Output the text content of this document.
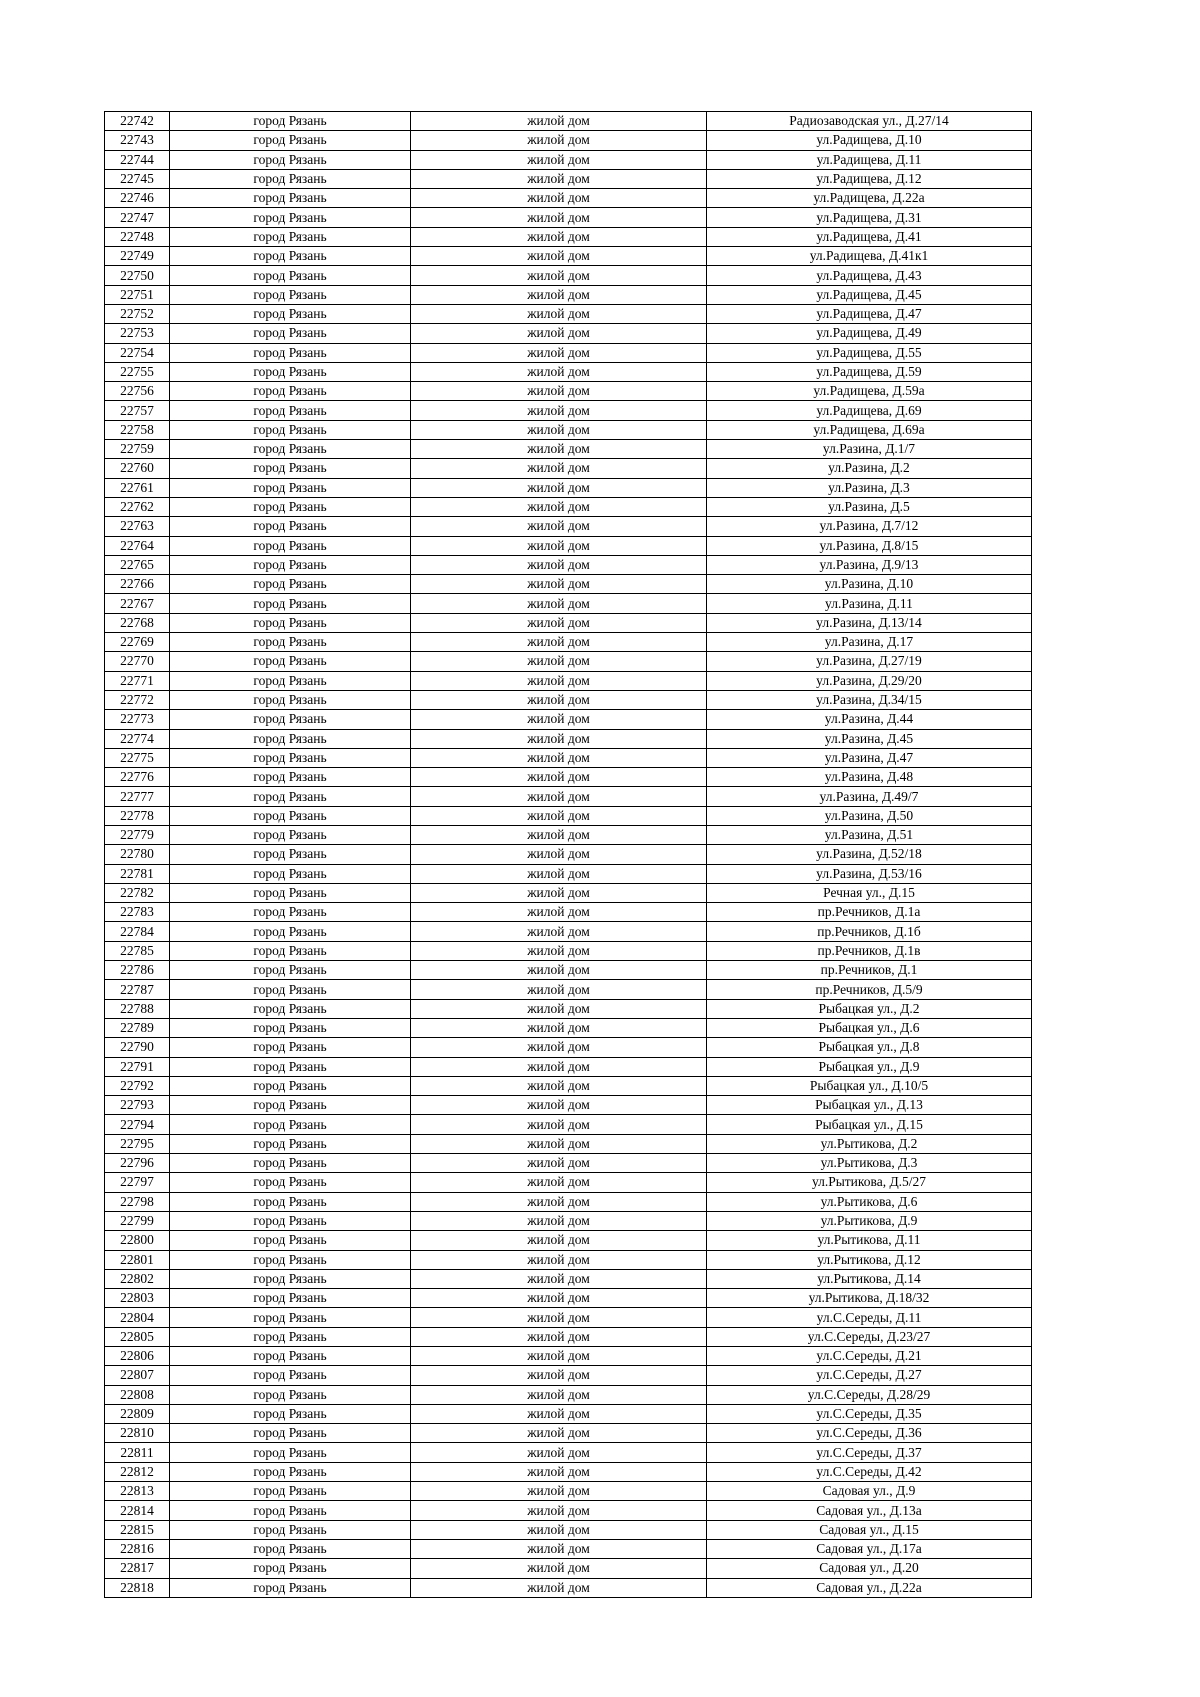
22742	город Рязань	жилой дом	Радиозаводская ул., Д.27/14
22743	город Рязань	жилой дом	ул.Радищева, Д.10
22744	город Рязань	жилой дом	ул.Радищева, Д.11
22745	город Рязань	жилой дом	ул.Радищева, Д.12
22746	город Рязань	жилой дом	ул.Радищева, Д.22а
22747	город Рязань	жилой дом	ул.Радищева, Д.31
22748	город Рязань	жилой дом	ул.Радищева, Д.41
22749	город Рязань	жилой дом	ул.Радищева, Д.41к1
22750	город Рязань	жилой дом	ул.Радищева, Д.43
22751	город Рязань	жилой дом	ул.Радищева, Д.45
22752	город Рязань	жилой дом	ул.Радищева, Д.47
22753	город Рязань	жилой дом	ул.Радищева, Д.49
22754	город Рязань	жилой дом	ул.Радищева, Д.55
22755	город Рязань	жилой дом	ул.Радищева, Д.59
22756	город Рязань	жилой дом	ул.Радищева, Д.59а
22757	город Рязань	жилой дом	ул.Радищева, Д.69
22758	город Рязань	жилой дом	ул.Радищева, Д.69а
22759	город Рязань	жилой дом	ул.Разина, Д.1/7
22760	город Рязань	жилой дом	ул.Разина, Д.2
22761	город Рязань	жилой дом	ул.Разина, Д.3
22762	город Рязань	жилой дом	ул.Разина, Д.5
22763	город Рязань	жилой дом	ул.Разина, Д.7/12
22764	город Рязань	жилой дом	ул.Разина, Д.8/15
22765	город Рязань	жилой дом	ул.Разина, Д.9/13
22766	город Рязань	жилой дом	ул.Разина, Д.10
22767	город Рязань	жилой дом	ул.Разина, Д.11
22768	город Рязань	жилой дом	ул.Разина, Д.13/14
22769	город Рязань	жилой дом	ул.Разина, Д.17
22770	город Рязань	жилой дом	ул.Разина, Д.27/19
22771	город Рязань	жилой дом	ул.Разина, Д.29/20
22772	город Рязань	жилой дом	ул.Разина, Д.34/15
22773	город Рязань	жилой дом	ул.Разина, Д.44
22774	город Рязань	жилой дом	ул.Разина, Д.45
22775	город Рязань	жилой дом	ул.Разина, Д.47
22776	город Рязань	жилой дом	ул.Разина, Д.48
22777	город Рязань	жилой дом	ул.Разина, Д.49/7
22778	город Рязань	жилой дом	ул.Разина, Д.50
22779	город Рязань	жилой дом	ул.Разина, Д.51
22780	город Рязань	жилой дом	ул.Разина, Д.52/18
22781	город Рязань	жилой дом	ул.Разина, Д.53/16
22782	город Рязань	жилой дом	Речная ул., Д.15
22783	город Рязань	жилой дом	пр.Речников, Д.1а
22784	город Рязань	жилой дом	пр.Речников, Д.1б
22785	город Рязань	жилой дом	пр.Речников, Д.1в
22786	город Рязань	жилой дом	пр.Речников, Д.1
22787	город Рязань	жилой дом	пр.Речников, Д.5/9
22788	город Рязань	жилой дом	Рыбацкая ул., Д.2
22789	город Рязань	жилой дом	Рыбацкая ул., Д.6
22790	город Рязань	жилой дом	Рыбацкая ул., Д.8
22791	город Рязань	жилой дом	Рыбацкая ул., Д.9
22792	город Рязань	жилой дом	Рыбацкая ул., Д.10/5
22793	город Рязань	жилой дом	Рыбацкая ул., Д.13
22794	город Рязань	жилой дом	Рыбацкая ул., Д.15
22795	город Рязань	жилой дом	ул.Рытикова, Д.2
22796	город Рязань	жилой дом	ул.Рытикова, Д.3
22797	город Рязань	жилой дом	ул.Рытикова, Д.5/27
22798	город Рязань	жилой дом	ул.Рытикова, Д.6
22799	город Рязань	жилой дом	ул.Рытикова, Д.9
22800	город Рязань	жилой дом	ул.Рытикова, Д.11
22801	город Рязань	жилой дом	ул.Рытикова, Д.12
22802	город Рязань	жилой дом	ул.Рытикова, Д.14
22803	город Рязань	жилой дом	ул.Рытикова, Д.18/32
22804	город Рязань	жилой дом	ул.С.Середы, Д.11
22805	город Рязань	жилой дом	ул.С.Середы, Д.23/27
22806	город Рязань	жилой дом	ул.С.Середы, Д.21
22807	город Рязань	жилой дом	ул.С.Середы, Д.27
22808	город Рязань	жилой дом	ул.С.Середы, Д.28/29
22809	город Рязань	жилой дом	ул.С.Середы, Д.35
22810	город Рязань	жилой дом	ул.С.Середы, Д.36
22811	город Рязань	жилой дом	ул.С.Середы, Д.37
22812	город Рязань	жилой дом	ул.С.Середы, Д.42
22813	город Рязань	жилой дом	Садовая ул., Д.9
22814	город Рязань	жилой дом	Садовая ул., Д.13а
22815	город Рязань	жилой дом	Садовая ул., Д.15
22816	город Рязань	жилой дом	Садовая ул., Д.17а
22817	город Рязань	жилой дом	Садовая ул., Д.20
22818	город Рязань	жилой дом	Садовая ул., Д.22а
